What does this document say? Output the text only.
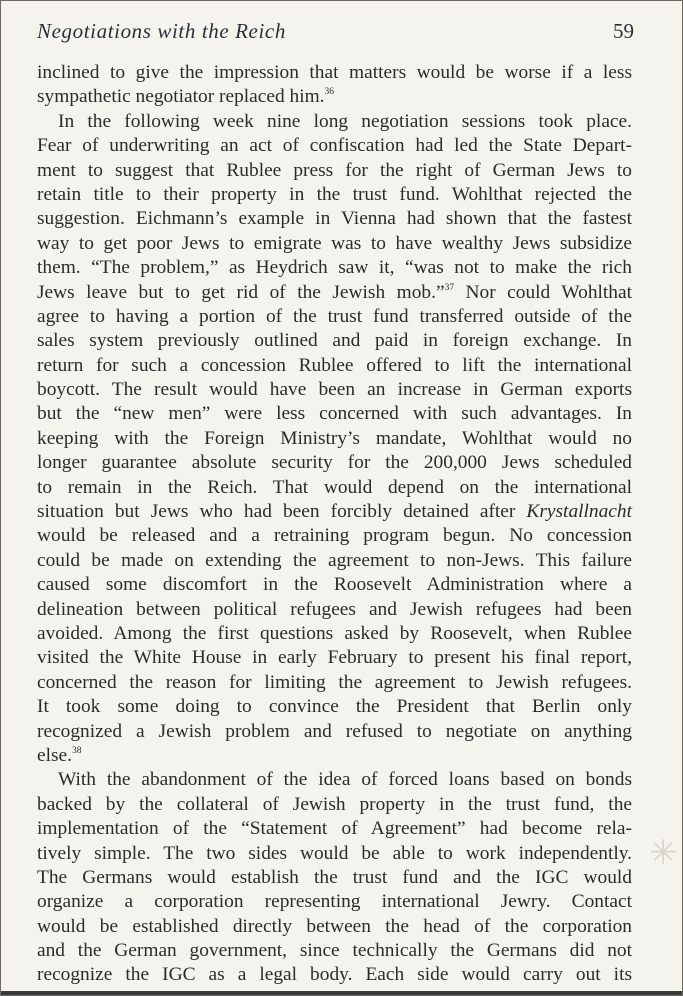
Negotiations with the Reich	59
inclined to give the impression that matters would be worse if a less
sympathetic negotiator replaced him.$^{36}$
In the following week nine long negotiation sessions took place.
Fear of underwriting an act of confiscation had led the State Depart-
ment to suggest that Rublee press for the right of German Jews to
retain title to their property in the trust fund. Wohlthat rejected the
suggestion. Eichmann’s example in Vienna had shown that the fastest
way to get poor Jews to emigrate was to have wealthy Jews subsidize
them. “The problem,” as Heydrich saw it, “was not to make the rich
Jews leave but to get rid of the Jewish mob.”$^{37}$ Nor could Wohlthat
agree to having a portion of the trust fund transferred outside of the
sales system previously outlined and paid in foreign exchange. In
return for such a concession Rublee offered to lift the international
boycott. The result would have been an increase in German exports
but the “new men” were less concerned with such advantages. In
keeping with the Foreign Ministry’s mandate, Wohlthat would no
longer guarantee absolute security for the 200,000 Jews scheduled
to remain in the Reich. That would depend on the international
situation but Jews who had been forcibly detained after Krystallnacht
would be released and a retraining program begun. No concession
could be made on extending the agreement to non-Jews. This failure
caused some discomfort in the Roosevelt Administration where a
delineation between political refugees and Jewish refugees had been
avoided. Among the first questions asked by Roosevelt, when Rublee
visited the White House in early February to present his final report,
concerned the reason for limiting the agreement to Jewish refugees.
It took some doing to convince the President that Berlin only
recognized a Jewish problem and refused to negotiate on anything
else.$^{38}$
With the abandonment of the idea of forced loans based on bonds
backed by the collateral of Jewish property in the trust fund, the
implementation of the “Statement of Agreement” had become rela-
tively simple. The two sides would be able to work independently.
The Germans would establish the trust fund and the IGC would
organize a corporation representing international Jewry. Contact
would be established directly between the head of the corporation
and the German government, since technically the Germans did not
recognize the IGC as a legal body. Each side would carry out its
✳
